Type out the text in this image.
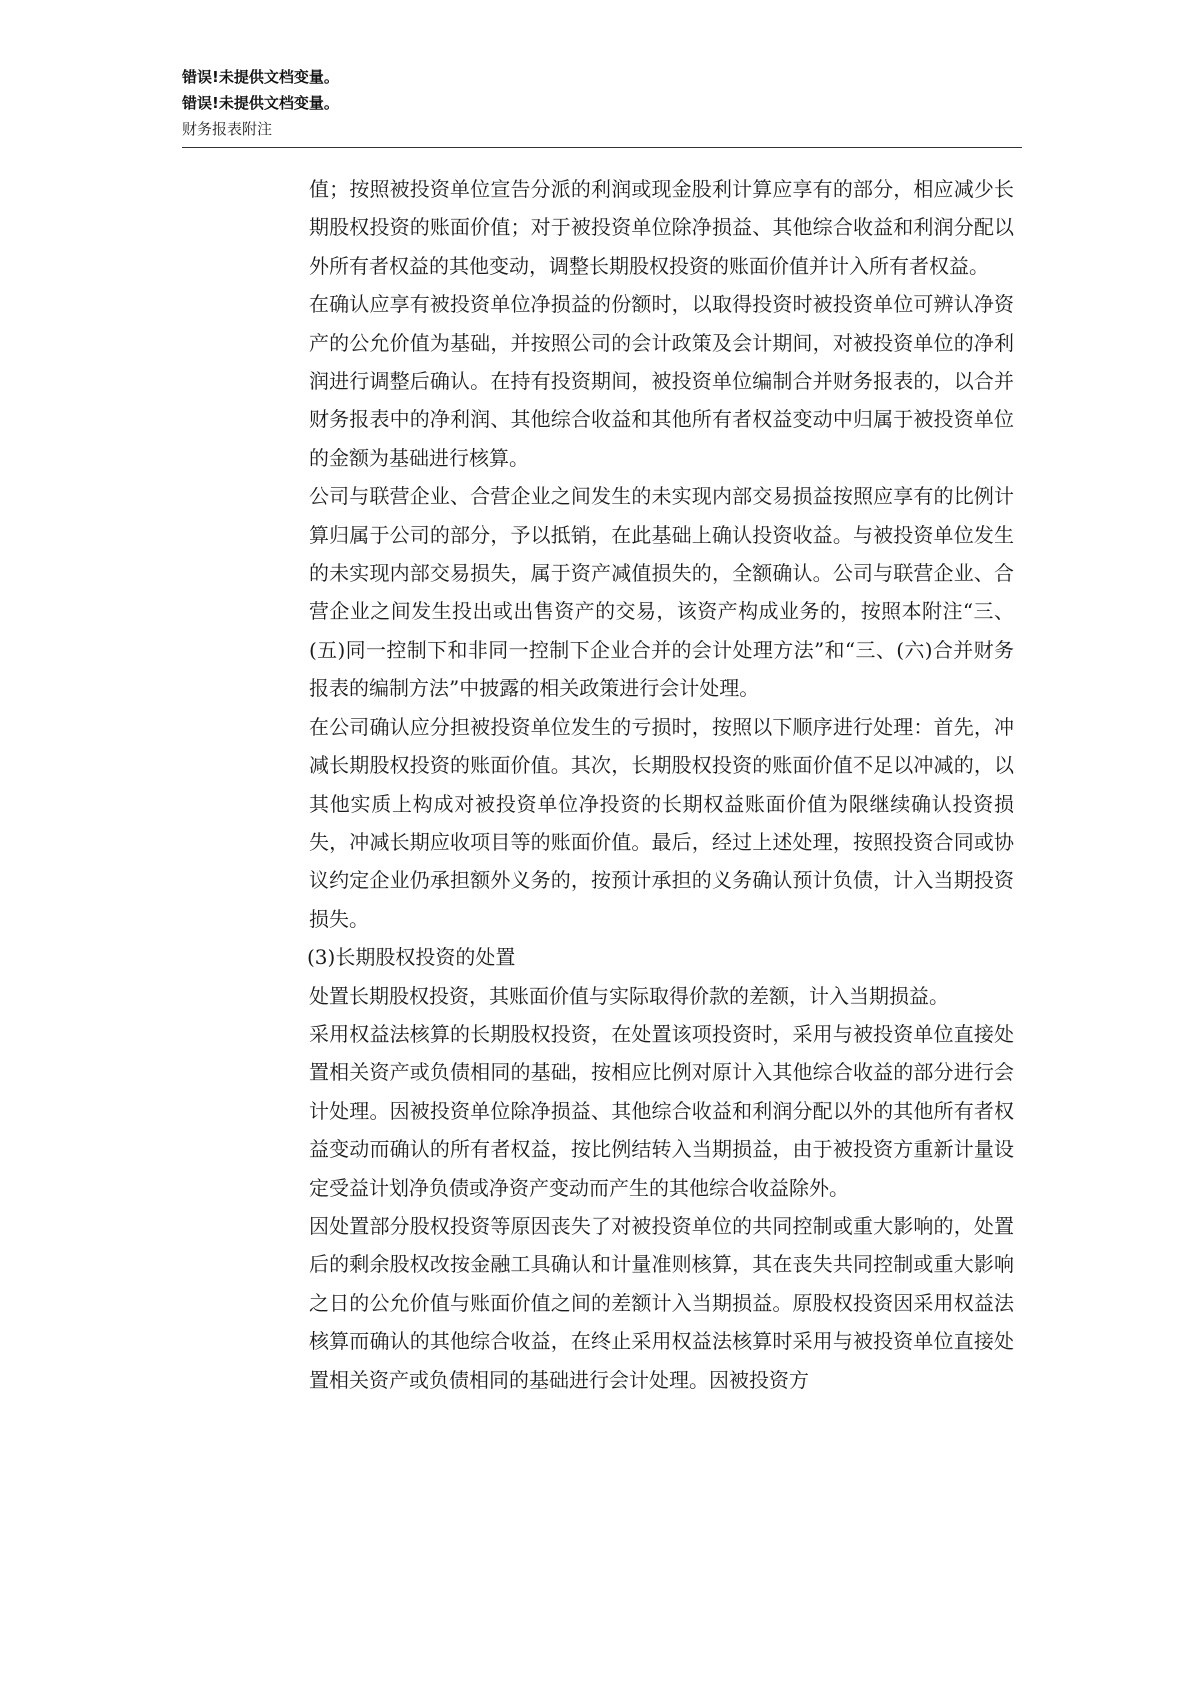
错误!未提供文档变量。
错误!未提供文档变量。
财务报表附注

值；按照被投资单位宣告分派的利润或现金股利计算应享有的部分，相应减少长期股权投资的账面价值；对于被投资单位除净损益、其他综合收益和利润分配以外所有者权益的其他变动，调整长期股权投资的账面价值并计入所有者权益。

在确认应享有被投资单位净损益的份额时，以取得投资时被投资单位可辨认净资产的公允价值为基础，并按照公司的会计政策及会计期间，对被投资单位的净利润进行调整后确认。在持有投资期间，被投资单位编制合并财务报表的，以合并财务报表中的净利润、其他综合收益和其他所有者权益变动中归属于被投资单位的金额为基础进行核算。

公司与联营企业、合营企业之间发生的未实现内部交易损益按照应享有的比例计算归属于公司的部分，予以抵销，在此基础上确认投资收益。与被投资单位发生的未实现内部交易损失，属于资产减值损失的，全额确认。公司与联营企业、合营企业之间发生投出或出售资产的交易，该资产构成业务的，按照本附注“三、(五)同一控制下和非同一控制下企业合并的会计处理方法”和“三、(六)合并财务报表的编制方法”中披露的相关政策进行会计处理。

在公司确认应分担被投资单位发生的亏损时，按照以下顺序进行处理：首先，冲减长期股权投资的账面价值。其次，长期股权投资的账面价值不足以冲减的，以其他实质上构成对被投资单位净投资的长期权益账面价值为限继续确认投资损失，冲减长期应收项目等的账面价值。最后，经过上述处理，按照投资合同或协议约定企业仍承担额外义务的，按预计承担的义务确认预计负债，计入当期投资损失。

(3)长期股权投资的处置

处置长期股权投资，其账面价值与实际取得价款的差额，计入当期损益。

采用权益法核算的长期股权投资，在处置该项投资时，采用与被投资单位直接处置相关资产或负债相同的基础，按相应比例对原计入其他综合收益的部分进行会计处理。因被投资单位除净损益、其他综合收益和利润分配以外的其他所有者权益变动而确认的所有者权益，按比例结转入当期损益，由于被投资方重新计量设定受益计划净负债或净资产变动而产生的其他综合收益除外。

因处置部分股权投资等原因丧失了对被投资单位的共同控制或重大影响的，处置后的剩余股权改按金融工具确认和计量准则核算，其在丧失共同控制或重大影响之日的公允价值与账面价值之间的差额计入当期损益。原股权投资因采用权益法核算而确认的其他综合收益，在终止采用权益法核算时采用与被投资单位直接处置相关资产或负债相同的基础进行会计处理。因被投资方
